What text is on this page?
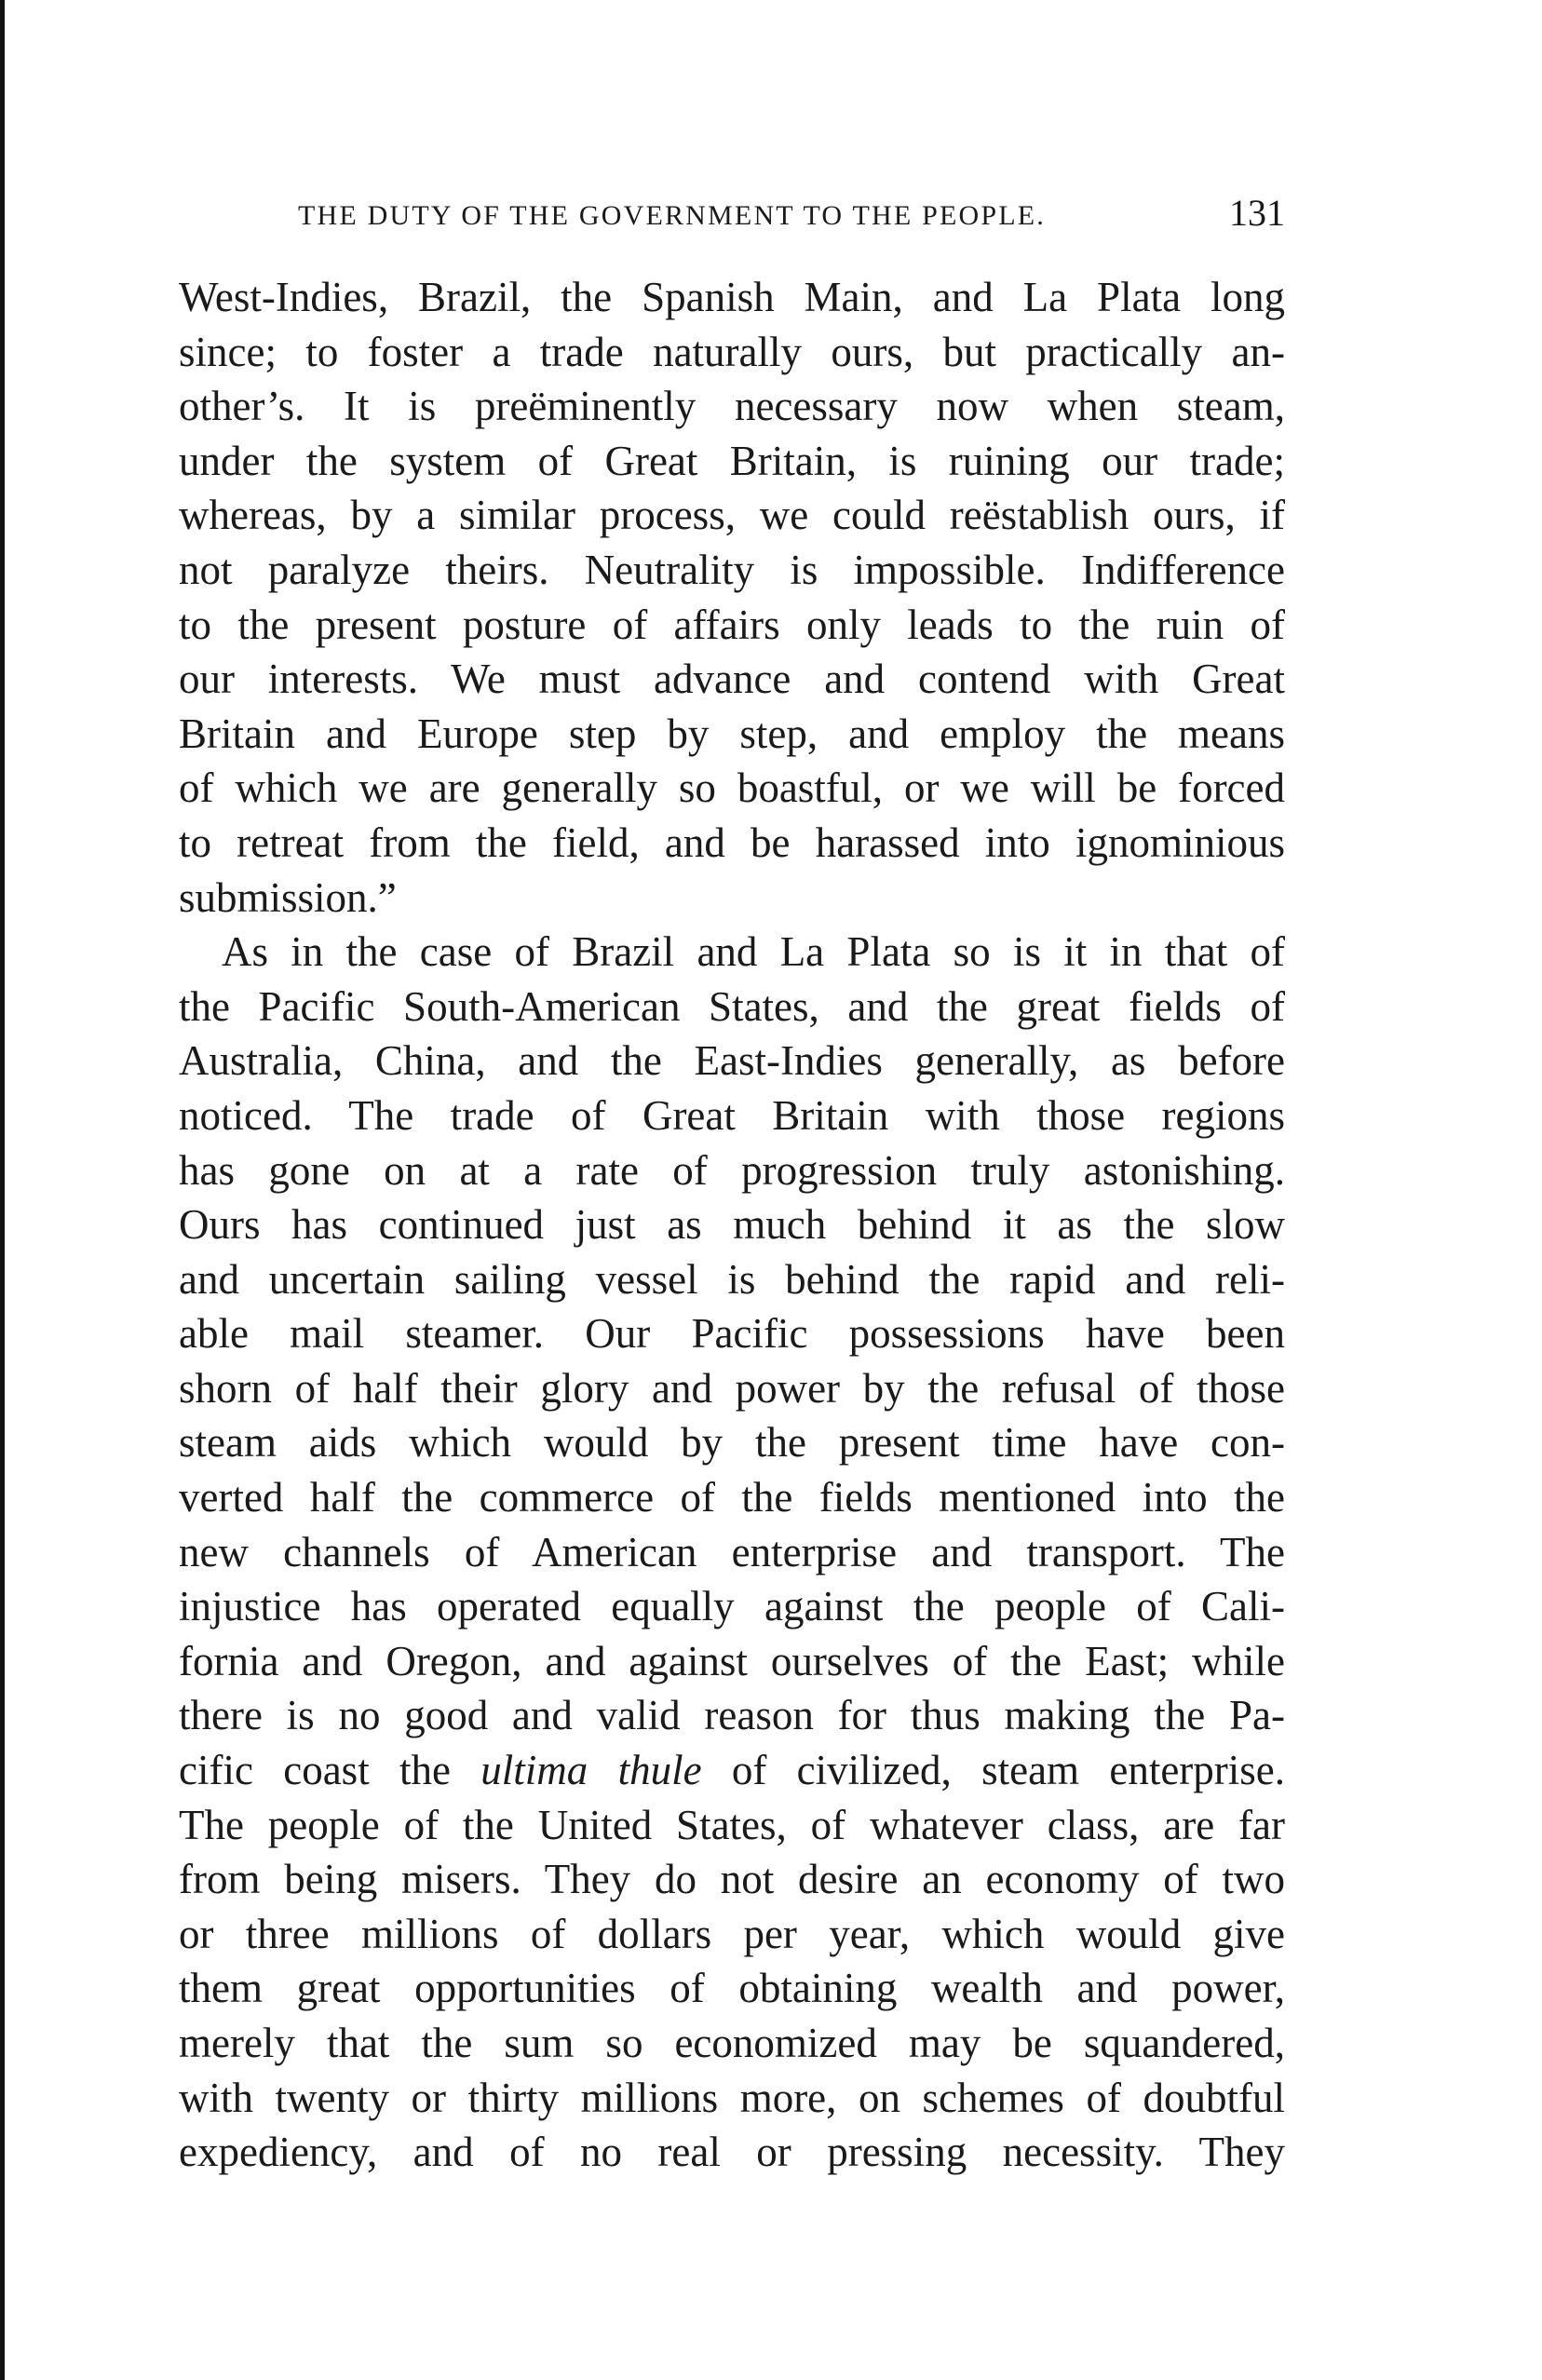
THE DUTY OF THE GOVERNMENT TO THE PEOPLE.	131
West-Indies, Brazil, the Spanish Main, and La Plata long
since; to foster a trade naturally ours, but practically an-
other’s. It is preëminently necessary now when steam,
under the system of Great Britain, is ruining our trade;
whereas, by a similar process, we could reëstablish ours, if
not paralyze theirs. Neutrality is impossible. Indifference
to the present posture of affairs only leads to the ruin of
our interests. We must advance and contend with Great
Britain and Europe step by step, and employ the means
of which we are generally so boastful, or we will be forced
to retreat from the field, and be harassed into ignominious
submission.”
As in the case of Brazil and La Plata so is it in that of
the Pacific South-American States, and the great fields of
Australia, China, and the East-Indies generally, as before
noticed. The trade of Great Britain with those regions
has gone on at a rate of progression truly astonishing.
Ours has continued just as much behind it as the slow
and uncertain sailing vessel is behind the rapid and reli-
able mail steamer. Our Pacific possessions have been
shorn of half their glory and power by the refusal of those
steam aids which would by the present time have con-
verted half the commerce of the fields mentioned into the
new channels of American enterprise and transport. The
injustice has operated equally against the people of Cali-
fornia and Oregon, and against ourselves of the East; while
there is no good and valid reason for thus making the Pa-
cific coast the ultima thule of civilized, steam enterprise.
The people of the United States, of whatever class, are far
from being misers. They do not desire an economy of two
or three millions of dollars per year, which would give
them great opportunities of obtaining wealth and power,
merely that the sum so economized may be squandered,
with twenty or thirty millions more, on schemes of doubtful
expediency, and of no real or pressing necessity. They
